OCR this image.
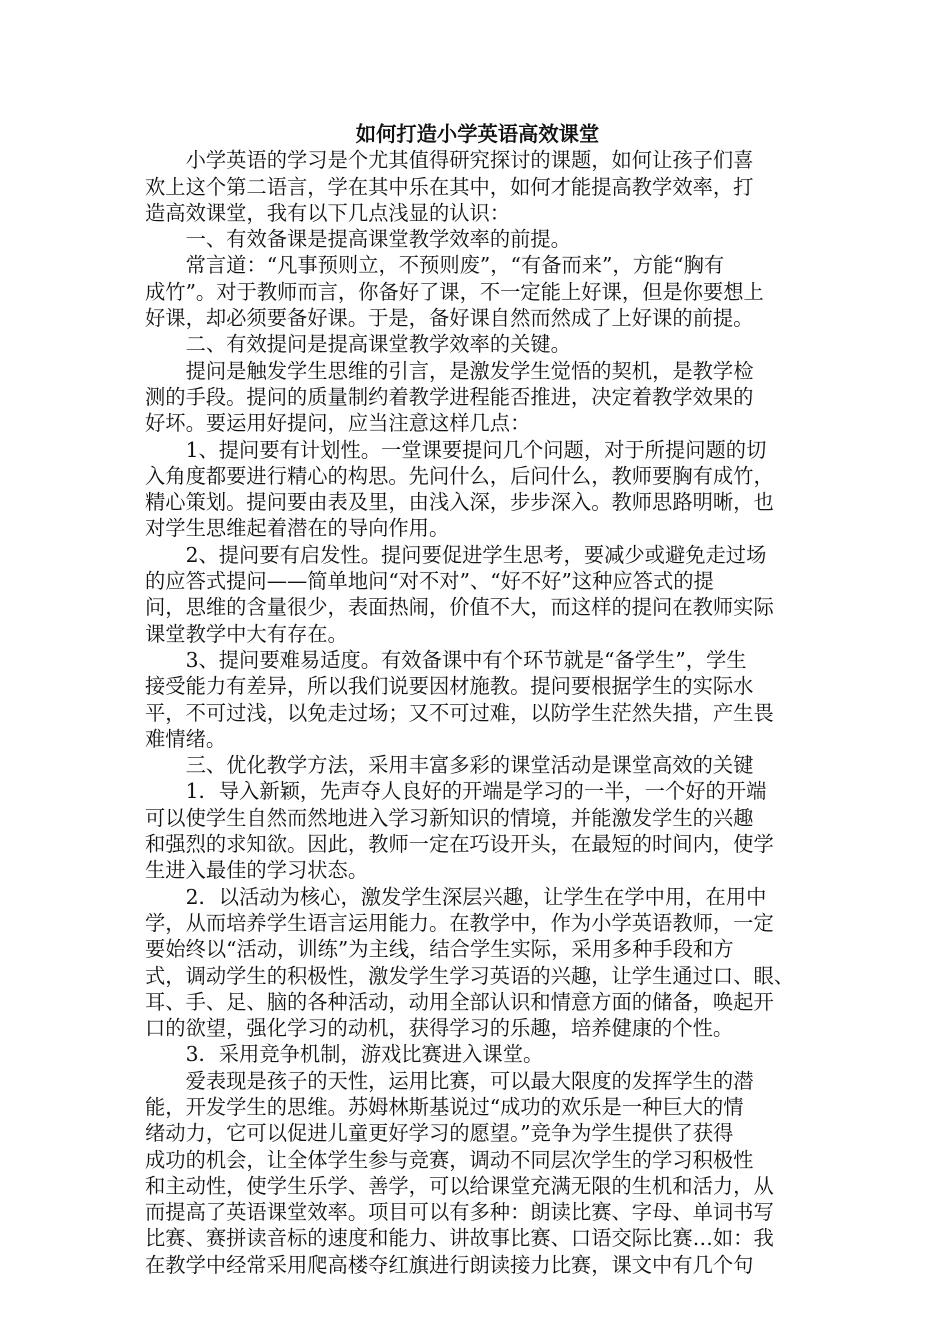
如何打造小学英语高效课堂
小学英语的学习是个尤其值得研究探讨的课题，如何让孩子们喜
欢上这个第二语言，学在其中乐在其中，如何才能提高教学效率，打
造高效课堂，我有以下几点浅显的认识：
一、有效备课是提高课堂教学效率的前提。
常言道：“凡事预则立，不预则废”，“有备而来”，方能“胸有
成竹”。对于教师而言，你备好了课，不一定能上好课，但是你要想上
好课，却必须要备好课。于是，备好课自然而然成了上好课的前提。
二、有效提问是提高课堂教学效率的关键。
提问是触发学生思维的引言，是激发学生觉悟的契机，是教学检
测的手段。提问的质量制约着教学进程能否推进，决定着教学效果的
好坏。要运用好提问，应当注意这样几点：
1、提问要有计划性。一堂课要提问几个问题，对于所提问题的切
入角度都要进行精心的构思。先问什么，后问什么，教师要胸有成竹，
精心策划。提问要由表及里，由浅入深，步步深入。教师思路明晰，也
对学生思维起着潜在的导向作用。
2、提问要有启发性。提问要促进学生思考，要减少或避免走过场
的应答式提问——简单地问“对不对”、“好不好”这种应答式的提
问，思维的含量很少，表面热闹，价值不大，而这样的提问在教师实际
课堂教学中大有存在。
3、提问要难易适度。有效备课中有个环节就是“备学生”，学生
接受能力有差异，所以我们说要因材施教。提问要根据学生的实际水
平，不可过浅，以免走过场；又不可过难，以防学生茫然失措，产生畏
难情绪。
三、优化教学方法，采用丰富多彩的课堂活动是课堂高效的关键
1．导入新颖，先声夺人良好的开端是学习的一半，一个好的开端
可以使学生自然而然地进入学习新知识的情境，并能激发学生的兴趣
和强烈的求知欲。因此，教师一定在巧设开头，在最短的时间内，使学
生进入最佳的学习状态。
2．以活动为核心，激发学生深层兴趣，让学生在学中用，在用中
学，从而培养学生语言运用能力。在教学中，作为小学英语教师，一定
要始终以“活动，训练”为主线，结合学生实际，采用多种手段和方
式，调动学生的积极性，激发学生学习英语的兴趣，让学生通过口、眼、
耳、手、足、脑的各种活动，动用全部认识和情意方面的储备，唤起开
口的欲望，强化学习的动机，获得学习的乐趣，培养健康的个性。
3．采用竞争机制，游戏比赛进入课堂。
爱表现是孩子的天性，运用比赛，可以最大限度的发挥学生的潜
能，开发学生的思维。苏姆林斯基说过“成功的欢乐是一种巨大的情
绪动力，它可以促进儿童更好学习的愿望。”竞争为学生提供了获得
成功的机会，让全体学生参与竞赛，调动不同层次学生的学习积极性
和主动性，使学生乐学、善学，可以给课堂充满无限的生机和活力，从
而提高了英语课堂效率。项目可以有多种：朗读比赛、字母、单词书写
比赛、赛拼读音标的速度和能力、讲故事比赛、口语交际比赛…如：我
在教学中经常采用爬高楼夺红旗进行朗读接力比赛，课文中有几个句
